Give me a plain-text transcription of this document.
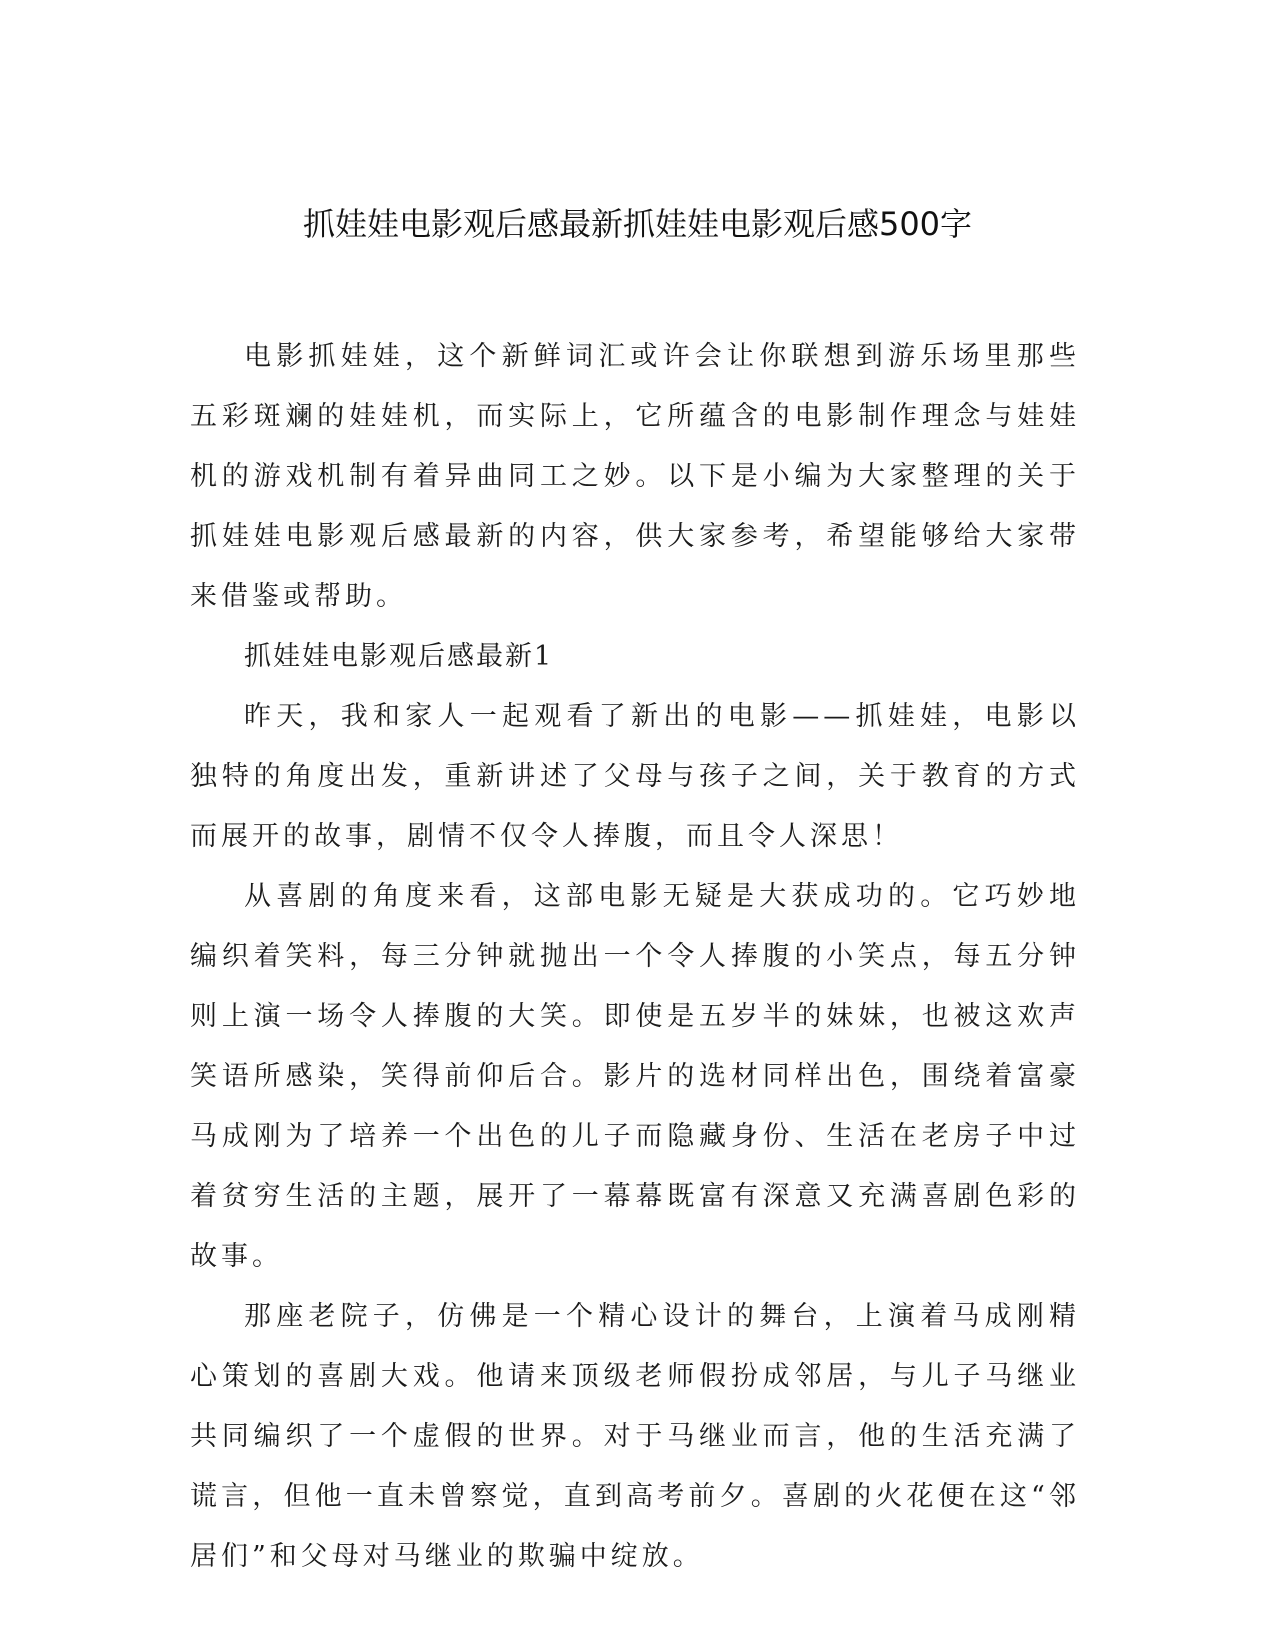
抓娃娃电影观后感最新抓娃娃电影观后感500字

电影抓娃娃，这个新鲜词汇或许会让你联想到游乐场里那些五彩斑斓的娃娃机，而实际上，它所蕴含的电影制作理念与娃娃机的游戏机制有着异曲同工之妙。以下是小编为大家整理的关于抓娃娃电影观后感最新的内容，供大家参考，希望能够给大家带来借鉴或帮助。

抓娃娃电影观后感最新1

昨天，我和家人一起观看了新出的电影——抓娃娃，电影以独特的角度出发，重新讲述了父母与孩子之间，关于教育的方式而展开的故事，剧情不仅令人捧腹，而且令人深思！

从喜剧的角度来看，这部电影无疑是大获成功的。它巧妙地编织着笑料，每三分钟就抛出一个令人捧腹的小笑点，每五分钟则上演一场令人捧腹的大笑。即使是五岁半的妹妹，也被这欢声笑语所感染，笑得前仰后合。影片的选材同样出色，围绕着富豪马成刚为了培养一个出色的儿子而隐藏身份、生活在老房子中过着贫穷生活的主题，展开了一幕幕既富有深意又充满喜剧色彩的故事。

那座老院子，仿佛是一个精心设计的舞台，上演着马成刚精心策划的喜剧大戏。他请来顶级老师假扮成邻居，与儿子马继业共同编织了一个虚假的世界。对于马继业而言，他的生活充满了谎言，但他一直未曾察觉，直到高考前夕。喜剧的火花便在这“邻居们”和父母对马继业的欺骗中绽放。
